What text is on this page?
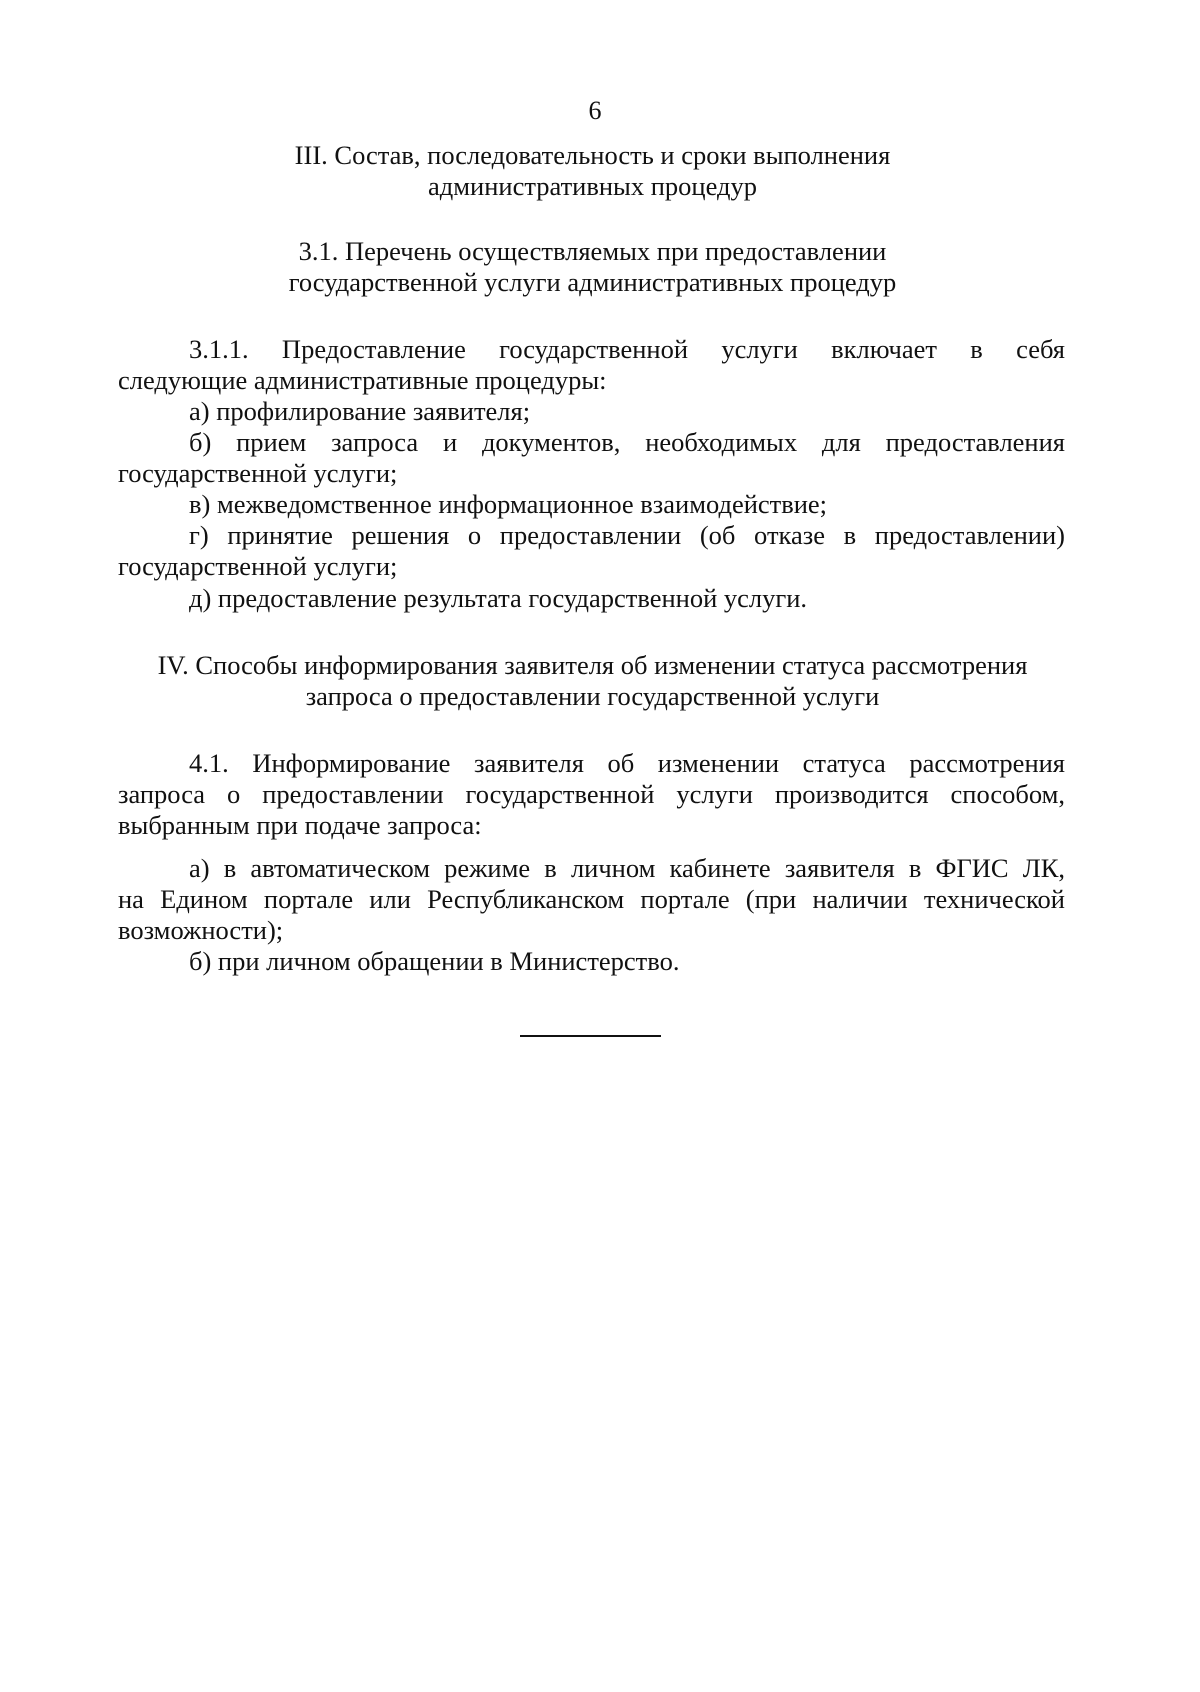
6
III. Состав, последовательность и сроки выполнения
административных процедур
3.1. Перечень осуществляемых при предоставлении
государственной услуги административных процедур
3.1.1. Предоставление государственной услуги включает в себя
следующие административные процедуры:
а) профилирование заявителя;
б) прием запроса и документов, необходимых для предоставления
государственной услуги;
в) межведомственное информационное взаимодействие;
г) принятие решения о предоставлении (об отказе в предоставлении)
государственной услуги;
д) предоставление результата государственной услуги.
IV. Способы информирования заявителя об изменении статуса рассмотрения
запроса о предоставлении государственной услуги
4.1. Информирование заявителя об изменении статуса рассмотрения
запроса о предоставлении государственной услуги производится способом,
выбранным при подаче запроса:
а) в автоматическом режиме в личном кабинете заявителя в ФГИС ЛК,
на Едином портале или Республиканском портале (при наличии технической
возможности);
б) при личном обращении в Министерство.
